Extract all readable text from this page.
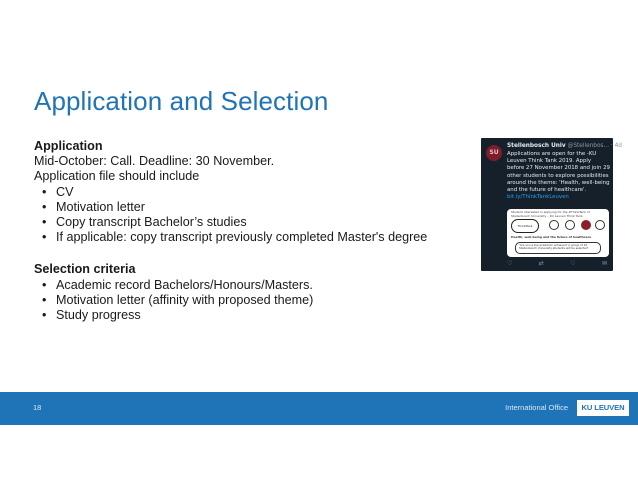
Application and Selection
Application
Mid-October: Call. Deadline: 30 November.
Application file should include
• CV
• Motivation letter
• Copy transcript Bachelor’s studies
• If applicable: copy transcript previously completed Master's degree
Selection criteria
• Academic record Bachelors/Honours/Masters.
• Motivation letter (affinity with proposed theme)
• Study progress
SU
Stellenbosch Univ @Stellenbos... · 4d
Applications are open for the -KU Leuven Think Tank 2019. Apply before 27 November 2018 and join 29 other students to explore possibilities around the theme: 'Health, well-being and the future of healthcare'. bit.ly/ThinkTankLeuven
Student interested in applying for the #ThinkTank of Stellenbosch University – KU Leuven Think Tank.
ThinkTank
Health, well-being and the future of healthcare
'Are you a top academic achiever? A group of 10 Stellenbosch University students will be selected'
♡	⇄	♡	✉
18	International Office	KU LEUVEN
